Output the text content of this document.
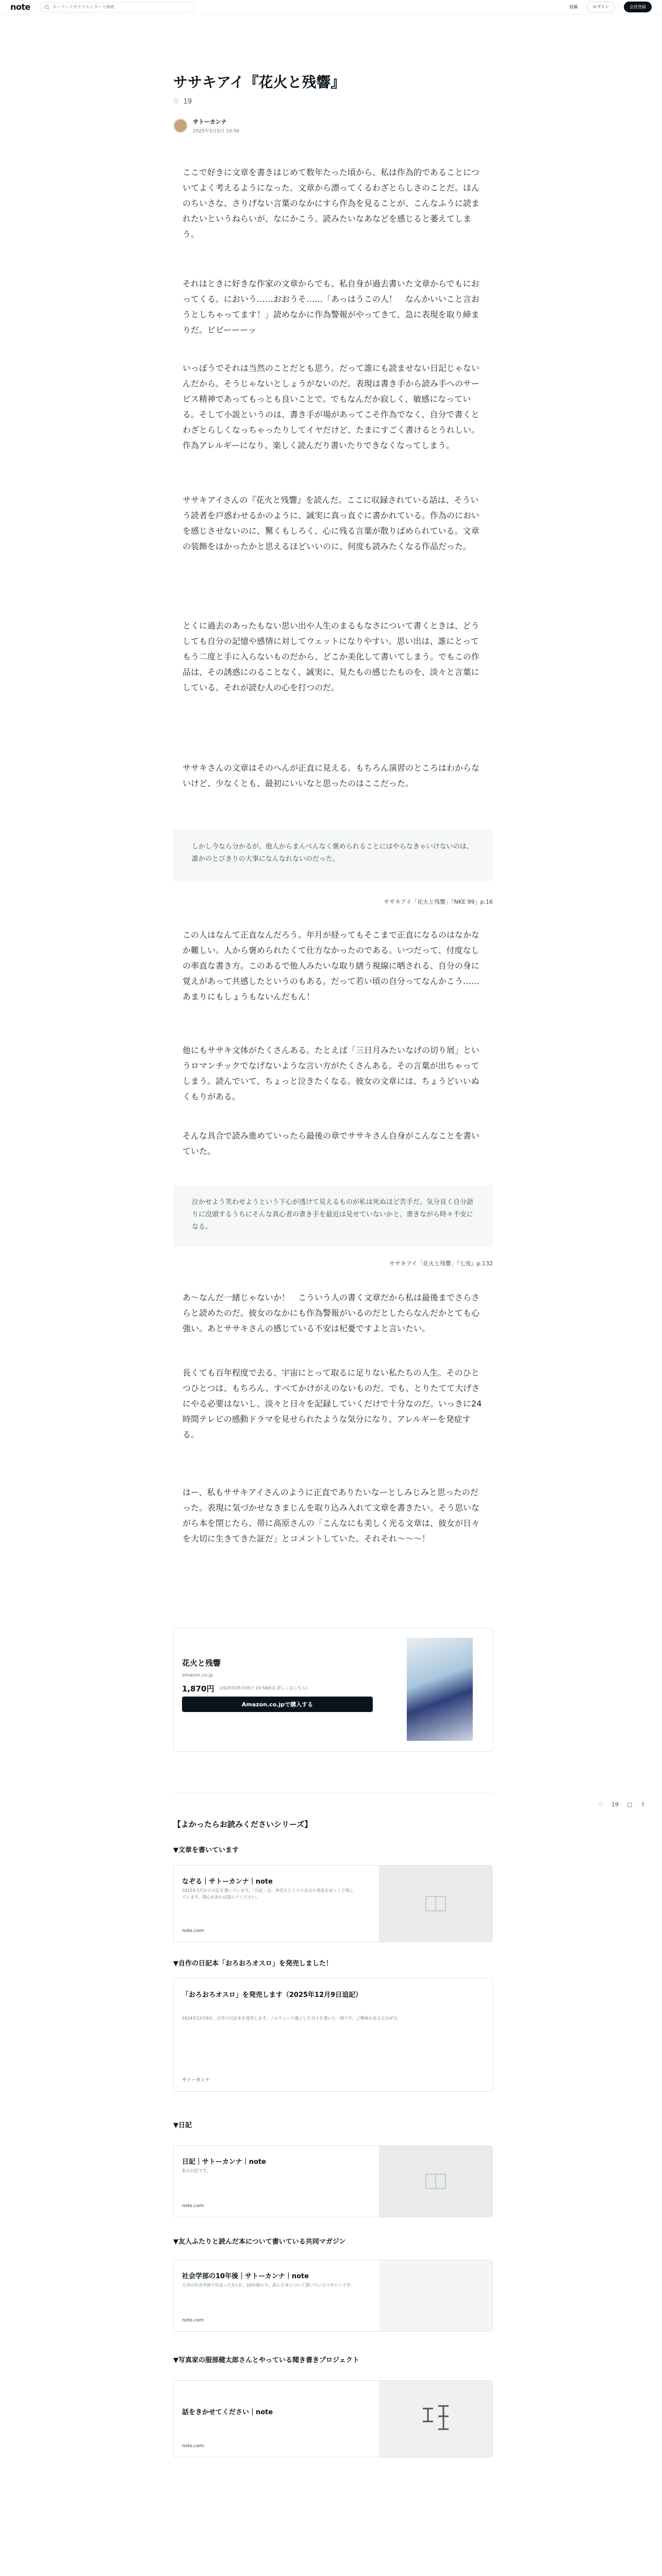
note
キーワードやクリエイターで検索	投稿	ログイン	会員登録
♡ 19 ▢ ⇪
ササキアイ『花火と残響』
♡ 19
サトーカンナ
2025年5月5日 19:56

ここで好きに文章を書きはじめて数年たった頃から、私は作為的であることについてよく考えるようになった。文章から漂ってくるわざとらしさのことだ。ほんのちいさな、さりげない言葉のなかにすら作為を見ることが、こんなふうに読まれたいというねらいが、なにかこう、読みたいなあなどを感じると萎えてしまう。

それはときに好きな作家の文章からでも、私自身が過去書いた文章からでもにおってくる。においう……おおうそ……「あっはうこの人！　なんかいいこと言おうとしちゃってます！」読めなかに作為警報がやってきて、急に表現を取り締まりだ。ビビーーーッ

いっぽうでそれは当然のことだとも思う。だって誰にも読ませない日記じゃないんだから。そうじゃないとしょうがないのだ。表現は書き手から読み手へのサービス精神であってもっとも良いことで。でもなんだか寂しく、敏感になっている。そして小説というのは、書き手が場があってこそ作為でなく、自分で書くとわざとらしくなっちゃったりしてイヤだけど、たまにすごく書けるとうれしい。作為アレルギーになり、楽しく読んだり書いたりできなくなってしまう。

ササキアイさんの『花火と残響』を読んだ。ここに収録されている話は、そういう読者を戸惑わせるかのように、誠実に真っ直ぐに書かれている。作為のにおいを感じさせないのに、驚くもしろく、心に残る言葉が散りばめられている。文章の装飾をはかったかと思えるほどいいのに、何度も読みたくなる作品だった。

とくに過去のあったもない思い出や人生のまるもなさについて書くときは、どうしても自分の記憶や感情に対してウェットになりやすい。思い出は、誰にとってもう二度と手に入らないものだから、どこか美化して書いてしまう。でもこの作品は、その誘惑にのることなく、誠実に、見たもの感じたものを、淡々と言葉にしている。それが読む人の心を打つのだ。

ササキさんの文章はそのへんが正直に見える。もちろん演習のところはわからないけど、少なくとも、最初にいいなと思ったのはここだった。

しかし今なら分かるが、他人からまんべんなく褒められることにはやらなきゃいけないのは、誰かのとびきりの大事になんなれないのだった。
ササキアイ「花火と残響」『NKE 99』p.16

この人はなんて正直なんだろう。年月が経ってもそこまで正直になるのはなかなか難しい。人から褒められたくて仕方なかったのである。いつだって、付度なしの率直な書き方。このあるで他人みたいな取り繕う視線に晒される、自分の身に覚えがあって共感したというのもある。だって若い頃の自分ってなんかこう……あまりにもしょうもないんだもん！

他にもササキ文体がたくさんある。たとえば「三日月みたいなげの切り屑」というロマンチックでなげないような言い方がたくさんある。その言葉が出ちゃってしまう。読んでいて、ちょっと泣きたくなる。彼女の文章には、ちょうどいいぬくもりがある。

そんな具合で読み進めていったら最後の章でササキさん自身がこんなことを書いていた。

泣かせよう笑わせようという下心が透けて見えるものが私は死ぬほど苦手だ。気分良く自分語りに没頭するうちにそんな真心者の書き手を最近は見せていないかと、書きながら時々不安になる。
ササキアイ「花火と残響」『七夜』p.132

あ〜なんだ一緒じゃないか！　こういう人の書く文章だから私は最後までさらさらと読めたのだ。彼女のなかにも作為警報がいるのだとしたらなんだかとても心強い。あとササキさんの感じている不安は杞憂ですよと言いたい。

長くても百年程度で去る、宇宙にとって取るに足りない私たちの人生。そのひとつひとつは、もちろん、すべてかけがえのないものだ。でも、とりたてて大げさにやる必要はないし、淡々と日々を記録していくだけで十分なのだ。いっきに24時間テレビの感動ドラマを見せられたような気分になり、アレルギーを発症する。

はー、私もササキアイさんのように正直でありたいなーとしみじみと思ったのだった。表現に気づかせなきまじんを取り込み入れて文章を書きたい。そう思いながら本を閉じたら、帯に高原さんの「こんなにも美しく光る文章は、彼女が日々を大切に生きてきた証だ」とコメントしていた。それそれ〜〜〜！

花火と残響
amazon.co.jp
1,870円 (2025年05月05日 19:56時点 詳しくはこちら)
Amazon.co.jpで購入する
【よかったらお読みくださいシリーズ】
▼文章を書いています
なぞる｜サトーカンナ｜note
2015年1月から日記を書いています。「日記」は、身近なところで自分の発見をゆっくり残しています。関心があれば読んでください。
note.com
▼自作の日記本「おろおろオスロ」を発売しました！
「おろおろオスロ」を発売します（2025年12月9日追記）
2024年12月9日、自作の日記本を発売します。ノルウェーで過ごした日々を書いた一冊です。ご興味のある方はぜひ。
サトーカンナ
▼日記
日記｜サトーカンナ｜note
私の日記です。
note.com
▼友人ふたりと読んだ本について書いている共同マガジン
社会学部の10年後｜サトーカンナ｜note
大学の社会学部で出会った3人が、10年後の今、読んだ本について書いているマガジンです。
note.com
▼写真家の服部健太郎さんとやっている聞き書きプロジェクト
話をきかせてください｜note
note.com
